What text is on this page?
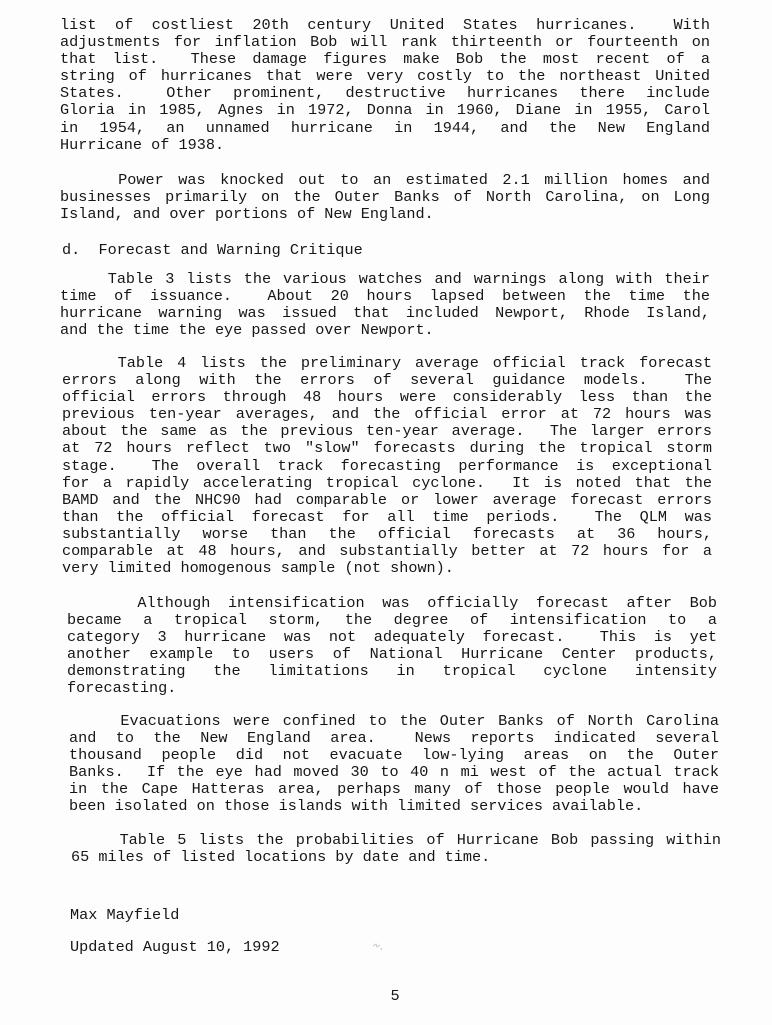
list of costliest 20th century United States hurricanes.  With
adjustments for inflation Bob will rank thirteenth or fourteenth on
that list.  These damage figures make Bob the most recent of a
string of hurricanes that were very costly to the northeast United
States.  Other prominent, destructive hurricanes there include
Gloria in 1985, Agnes in 1972, Donna in 1960, Diane in 1955, Carol
in 1954, an unnamed hurricane in 1944, and the New England
Hurricane of 1938.
Power was knocked out to an estimated 2.1 million homes and
businesses primarily on the Outer Banks of North Carolina, on Long
Island, and over portions of New England.
d.  Forecast and Warning Critique
Table 3 lists the various watches and warnings along with their
time of issuance.  About 20 hours lapsed between the time the
hurricane warning was issued that included Newport, Rhode Island,
and the time the eye passed over Newport.
Table 4 lists the preliminary average official track forecast
errors along with the errors of several guidance models.  The
official errors through 48 hours were considerably less than the
previous ten-year averages, and the official error at 72 hours was
about the same as the previous ten-year average.  The larger errors
at 72 hours reflect two "slow" forecasts during the tropical storm
stage.  The overall track forecasting performance is exceptional
for a rapidly accelerating tropical cyclone.  It is noted that the
BAMD and the NHC90 had comparable or lower average forecast errors
than the official forecast for all time periods.  The QLM was
substantially worse than the official forecasts at 36 hours,
comparable at 48 hours, and substantially better at 72 hours for a
very limited homogenous sample (not shown).
Although intensification was officially forecast after Bob
became a tropical storm, the degree of intensification to a
category 3 hurricane was not adequately forecast.  This is yet
another example to users of National Hurricane Center products,
demonstrating the limitations in tropical cyclone intensity
forecasting.
Evacuations were confined to the Outer Banks of North Carolina
and to the New England area.  News reports indicated several
thousand people did not evacuate low-lying areas on the Outer
Banks.  If the eye had moved 30 to 40 n mi west of the actual track
in the Cape Hatteras area, perhaps many of those people would have
been isolated on those islands with limited services available.
Table 5 lists the probabilities of Hurricane Bob passing within
65 miles of listed locations by date and time.
Max Mayfield
Updated August 10, 1992
5
